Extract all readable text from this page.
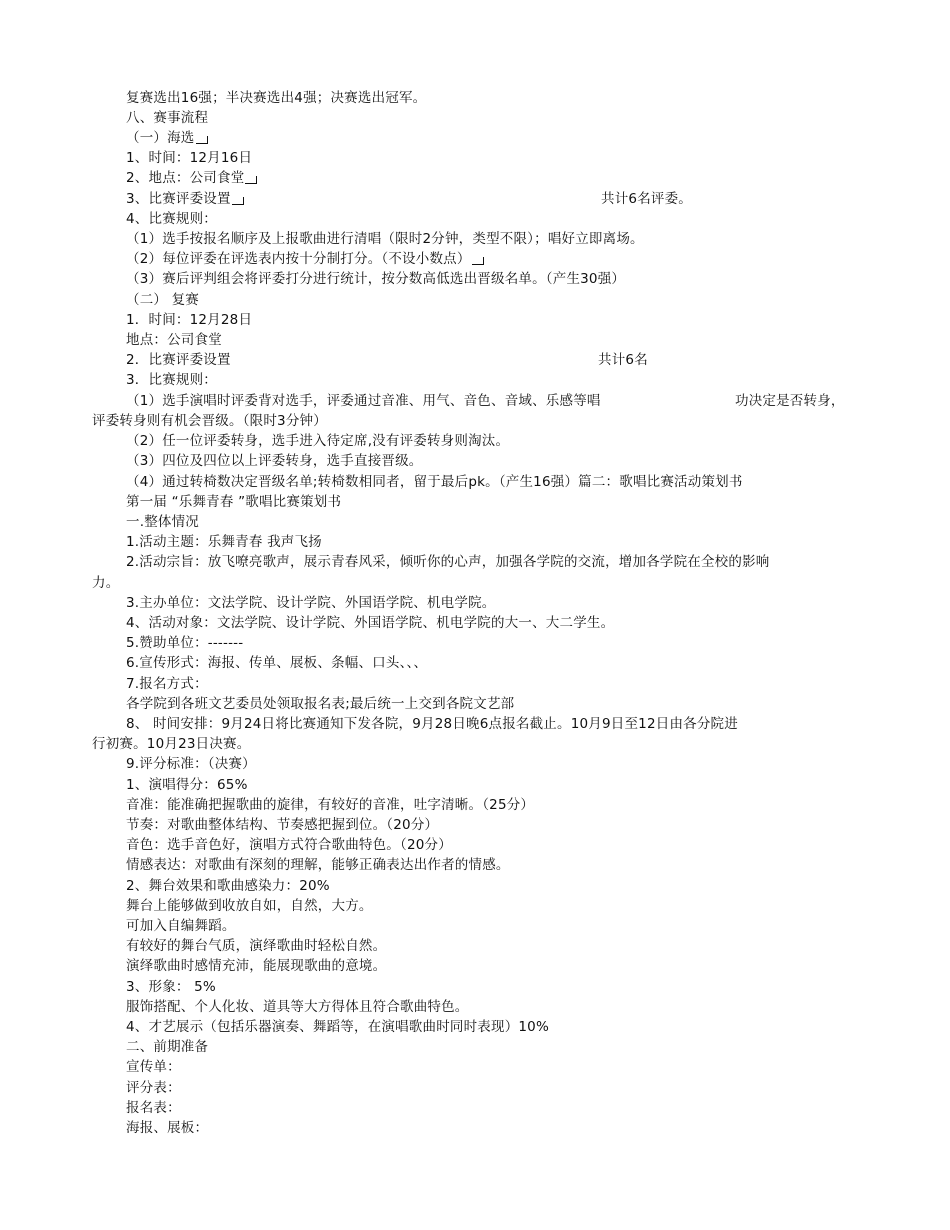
复赛选出16强；半决赛选出4强；决赛选出冠军。
八、赛事流程
（一）海选
1、时间：12月16日
2、地点：公司食堂
3、比赛评委设置	共计6名评委。
4、比赛规则：
（1）选手按报名顺序及上报歌曲进行清唱（限时2分钟，类型不限）；唱好立即离场。
（2）每位评委在评选表内按十分制打分。（不设小数点）
（3）赛后评判组会将评委打分进行统计，按分数高低选出晋级名单。（产生30强）
（二） 复赛
1．时间：12月28日
地点：公司食堂
2．比赛评委设置	共计6名
3．比赛规则：
（1）选手演唱时评委背对选手，评委通过音准、用气、音色、音域、乐感等唱	功决定是否转身，
评委转身则有机会晋级。（限时3分钟）
（2）任一位评委转身，选手进入待定席,没有评委转身则淘汰。
（3）四位及四位以上评委转身，选手直接晋级。
（4）通过转椅数决定晋级名单;转椅数相同者，留于最后pk。（产生16强）篇二：歌唱比赛活动策划书
第一届 “乐舞青春 ”歌唱比赛策划书
一.整体情况
1.活动主题：乐舞青春 我声飞扬
2.活动宗旨：放飞嘹亮歌声，展示青春风采，倾听你的心声，加强各学院的交流，增加各学院在全校的影响
力。
3.主办单位：文法学院、设计学院、外国语学院、机电学院。
4、活动对象：文法学院、设计学院、外国语学院、机电学院的大一、大二学生。
5.赞助单位：-------
6.宣传形式：海报、传单、展板、条幅、口头、、、
7.报名方式：
各学院到各班文艺委员处领取报名表;最后统一上交到各院文艺部
8、 时间安排：9月24日将比赛通知下发各院，9月28日晚6点报名截止。10月9日至12日由各分院进
行初赛。10月23日决赛。
9.评分标准：（决赛）
1、演唱得分：65%
音准：能准确把握歌曲的旋律，有较好的音准，吐字清晰。（25分）
节奏：对歌曲整体结构、节奏感把握到位。（20分）
音色：选手音色好，演唱方式符合歌曲特色。（20分）
情感表达：对歌曲有深刻的理解，能够正确表达出作者的情感。
2、舞台效果和歌曲感染力：20%
舞台上能够做到收放自如，自然，大方。
可加入自编舞蹈。
有较好的舞台气质，演绎歌曲时轻松自然。
演绎歌曲时感情充沛，能展现歌曲的意境。
3、形象： 5%
服饰搭配、个人化妆、道具等大方得体且符合歌曲特色。
4、才艺展示（包括乐器演奏、舞蹈等，在演唱歌曲时同时表现）10%
二、前期准备
宣传单：
评分表：
报名表：
海报、展板：
